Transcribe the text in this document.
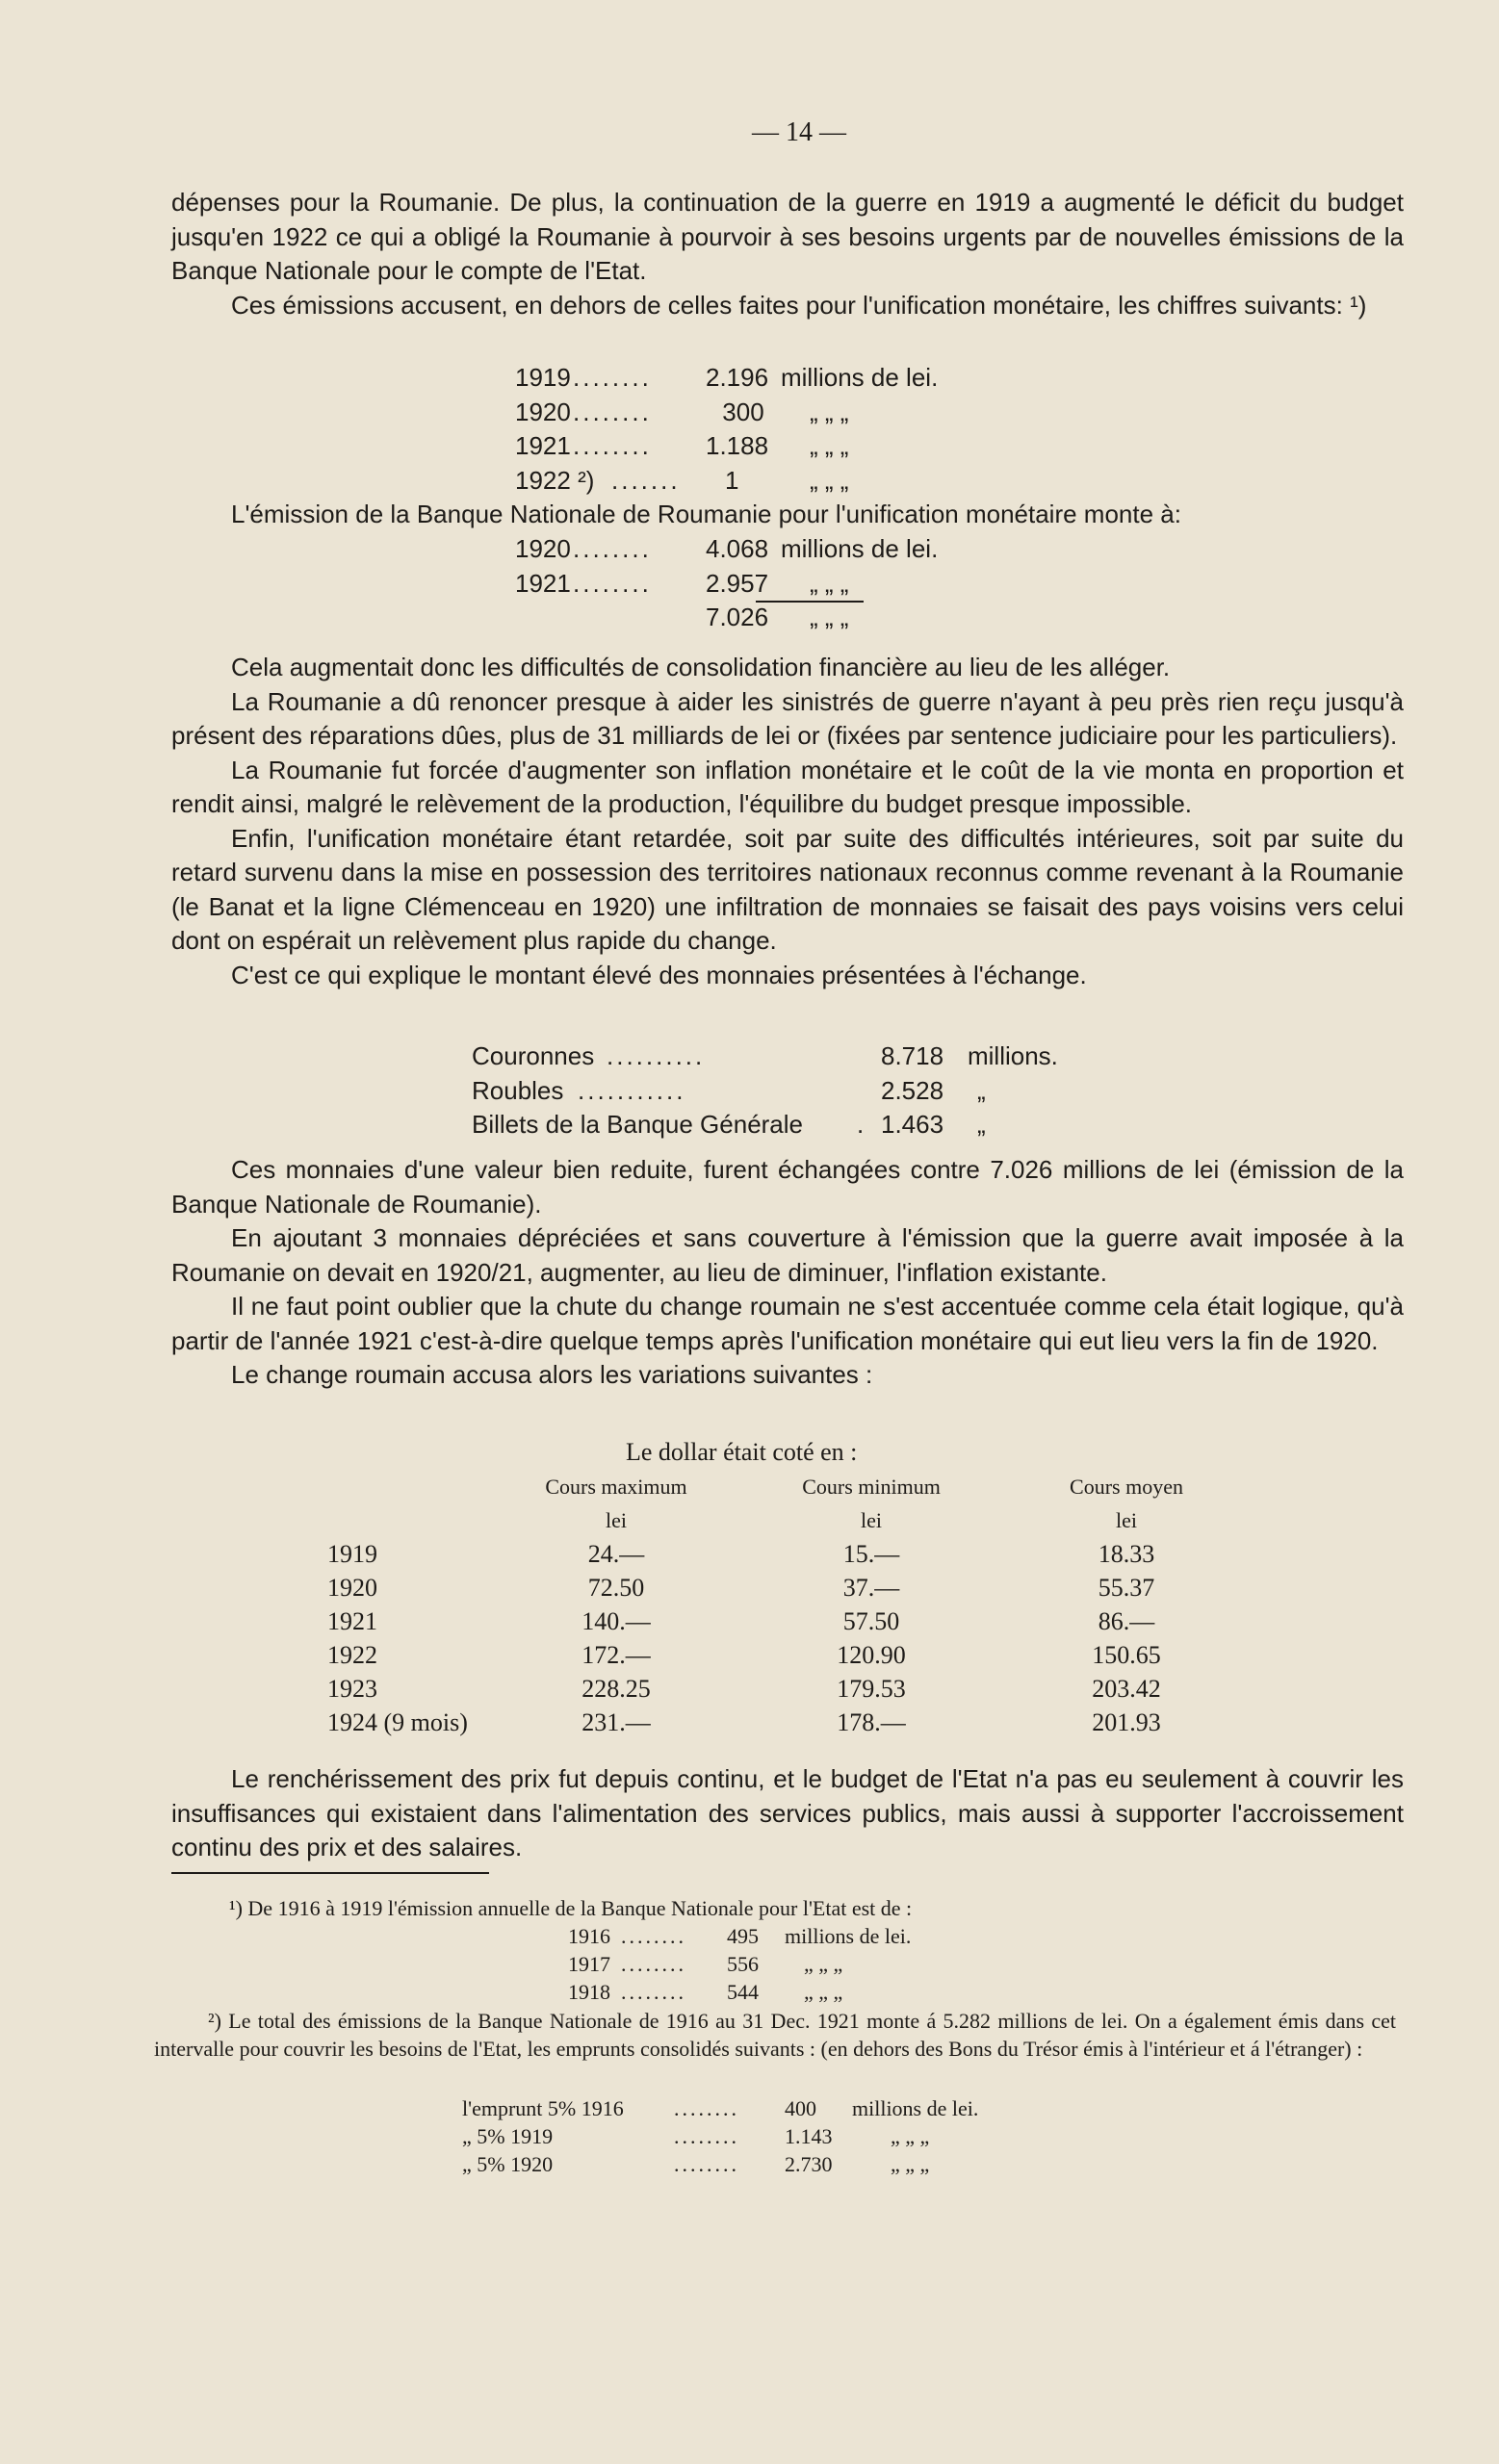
— 14 —

dépenses pour la Roumanie. De plus, la continuation de la guerre en 1919 a augmenté le déficit du budget jusqu'en 1922 ce qui a obligé la Roumanie à pourvoir à ses besoins urgents par de nouvelles émissions de la Banque Nationale pour le compte de l'Etat.

Ces émissions accusent, en dehors de celles faites pour l'unification monétaire, les chiffres suivants: ¹)

1919 ........	2.196 millions de lei.
1920 ........	300	„ „ „
1921 ........	1.188	„ „ „
1922 ²) .......	1	„ „ „

L'émission de la Banque Nationale de Roumanie pour l'unification monétaire monte à:

1920 ........	4.068 millions de lei.
1921 ........	2.957	„ „ „
7.026	„ „ „

Cela augmentait donc les difficultés de consolidation financière au lieu de les alléger.

La Roumanie a dû renoncer presque à aider les sinistrés de guerre n'ayant à peu près rien reçu jusqu'à présent des réparations dûes, plus de 31 milliards de lei or (fixées par sentence judiciaire pour les particuliers).

La Roumanie fut forcée d'augmenter son inflation monétaire et le coût de la vie monta en proportion et rendit ainsi, malgré le relèvement de la production, l'équilibre du budget presque impossible.

Enfin, l'unification monétaire étant retardée, soit par suite des difficultés intérieures, soit par suite du retard survenu dans la mise en possession des territoires nationaux reconnus comme revenant à la Roumanie (le Banat et la ligne Clémenceau en 1920) une infiltration de monnaies se faisait des pays voisins vers celui dont on espérait un relèvement plus rapide du change.

C'est ce qui explique le montant élevé des monnaies présentées à l'échange.

Couronnes ..........	8.718 millions.
Roubles ...........	2.528	„
Billets de la Banque Générale	. 1.463	„

Ces monnaies d'une valeur bien reduite, furent échangées contre 7.026 millions de lei (émission de la Banque Nationale de Roumanie).

En ajoutant 3 monnaies dépréciées et sans couverture à l'émission que la guerre avait imposée à la Roumanie on devait en 1920/21, augmenter, au lieu de diminuer, l'inflation existante.

Il ne faut point oublier que la chute du change roumain ne s'est accentuée comme cela était logique, qu'à partir de l'année 1921 c'est-à-dire quelque temps après l'unification monétaire qui eut lieu vers la fin de 1920.

Le change roumain accusa alors les variations suivantes :

Le dollar était coté en :
	Cours maximum	Cours minimum	Cours moyen
	lei	lei	lei
1919	24.—	15.—	18.33
1920	72.50	37.—	55.37
1921	140.—	57.50	86.—
1922	172.—	120.90	150.65
1923	228.25	179.53	203.42
1924 (9 mois)	231.—	178.—	201.93

Le renchérissement des prix fut depuis continu, et le budget de l'Etat n'a pas eu seulement à couvrir les insuffisances qui existaient dans l'alimentation des services publics, mais aussi à supporter l'accroissement continu des prix et des salaires.

¹) De 1916 à 1919 l'émission annuelle de la Banque Nationale pour l'Etat est de :
1916 ........	495	millions de lei.
1917 ........	556	„ „ „
1918 ........	544	„ „ „
²) Le total des émissions de la Banque Nationale de 1916 au 31 Dec. 1921 monte á 5.282 millions de lei. On a également émis dans cet intervalle pour couvrir les besoins de l'Etat, les emprunts consolidés suivants : (en dehors des Bons du Trésor émis à l'intérieur et á l'étranger) :
l'emprunt 5% 1916	........	400	millions de lei.
„ 5% 1919	........	1.143	„ „ „
„ 5% 1920	........	2.730	„ „ „
